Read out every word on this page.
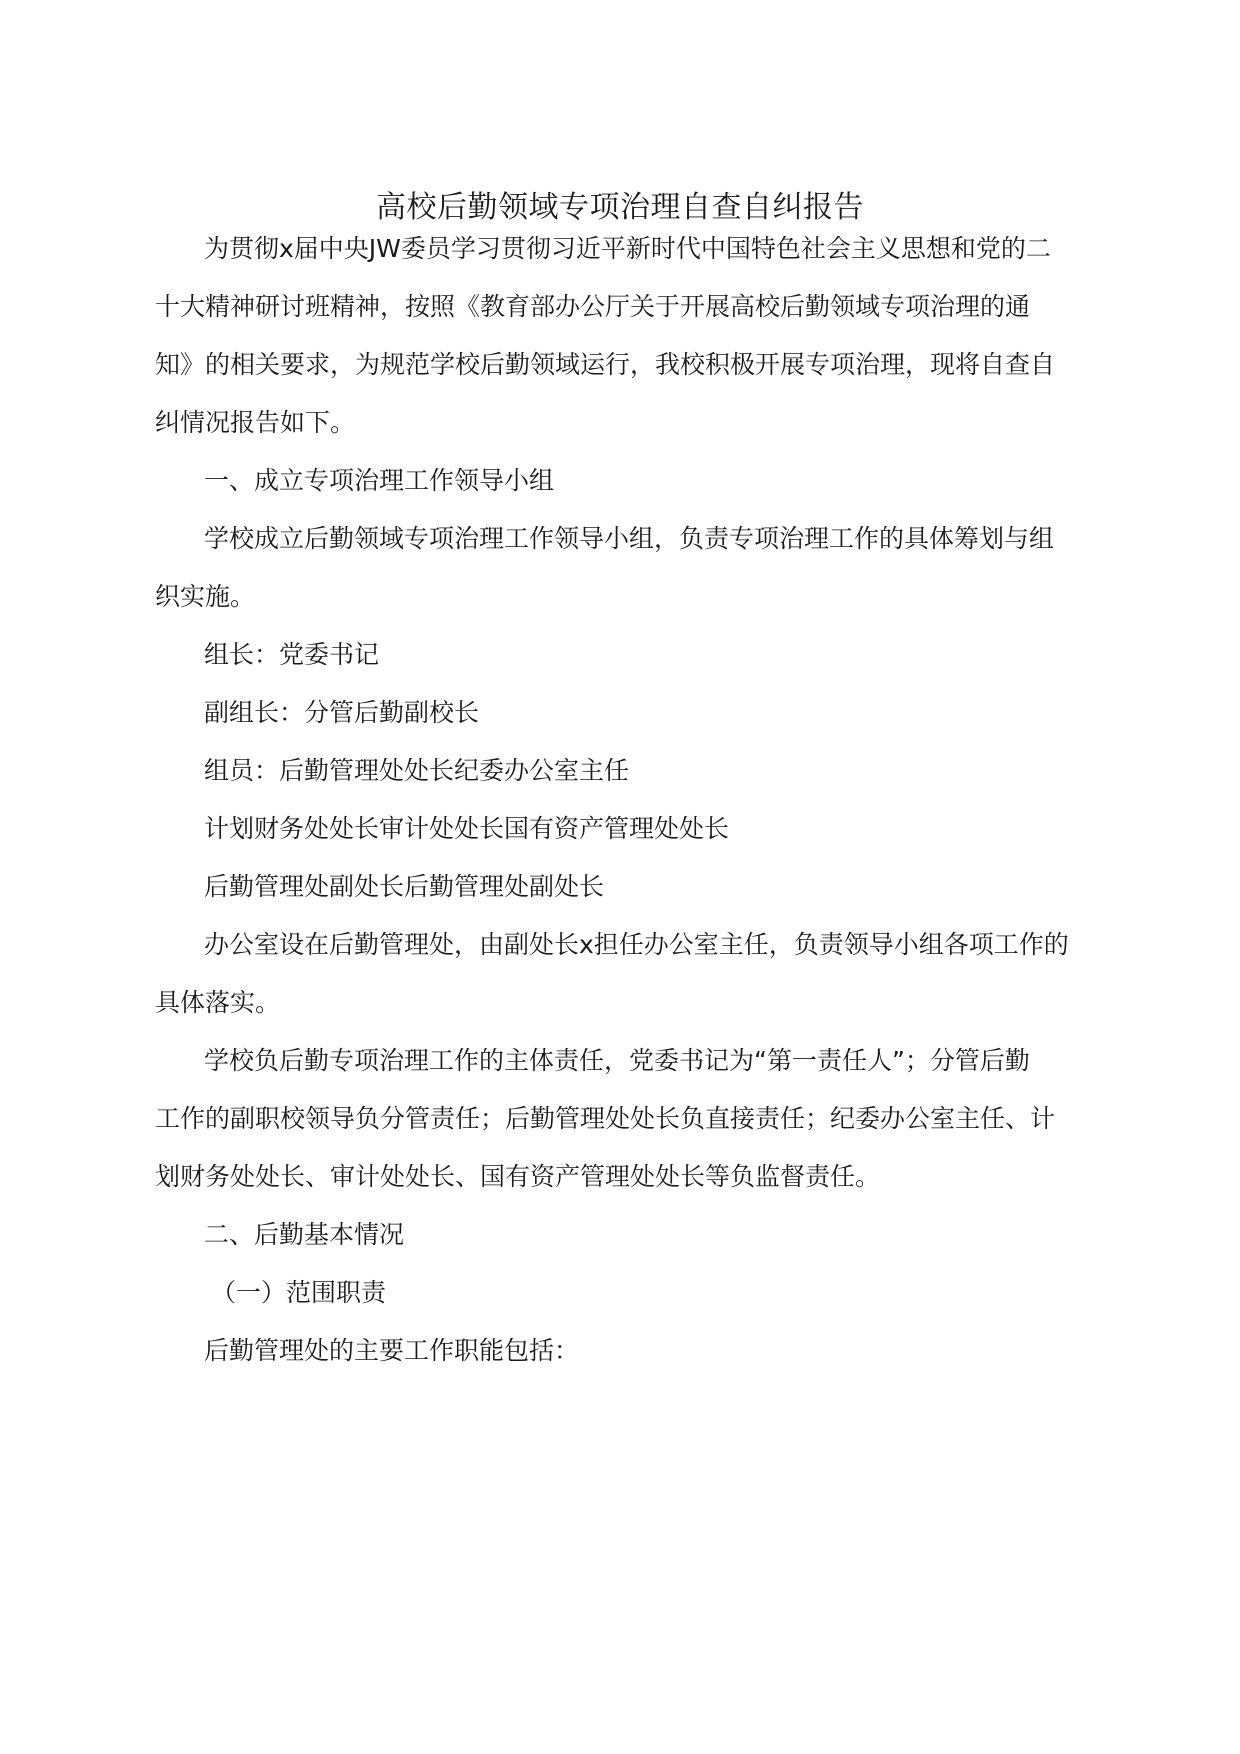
高校后勤领域专项治理自查自纠报告
为贯彻x届中央JW委员学习贯彻习近平新时代中国特色社会主义思想和党的二
十大精神研讨班精神，按照《教育部办公厅关于开展高校后勤领域专项治理的通
知》的相关要求，为规范学校后勤领域运行，我校积极开展专项治理，现将自查自
纠情况报告如下。
一、成立专项治理工作领导小组
学校成立后勤领域专项治理工作领导小组，负责专项治理工作的具体筹划与组
织实施。
组长：党委书记
副组长：分管后勤副校长
组员：后勤管理处处长纪委办公室主任
计划财务处处长审计处处长国有资产管理处处长
后勤管理处副处长后勤管理处副处长
办公室设在后勤管理处，由副处长x担任办公室主任，负责领导小组各项工作的
具体落实。
学校负后勤专项治理工作的主体责任，党委书记为“第一责任人”；分管后勤
工作的副职校领导负分管责任；后勤管理处处长负直接责任；纪委办公室主任、计
划财务处处长、审计处处长、国有资产管理处处长等负监督责任。
二、后勤基本情况
（一）范围职责
后勤管理处的主要工作职能包括：
